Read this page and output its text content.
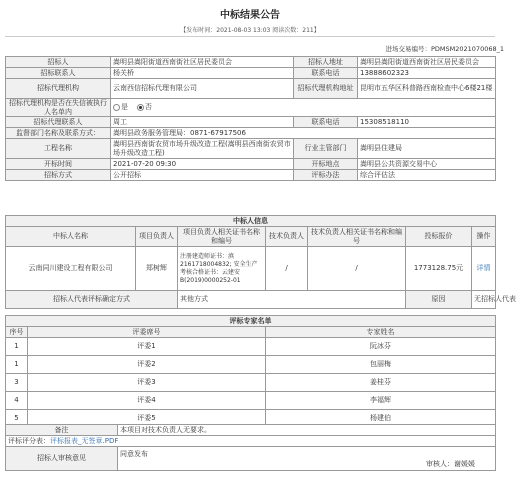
中标结果公告
【发布时间：2021-08-03 13:03 阅读次数：211】
进场交易编号：PDMSM2021070068_1
招标人	嵩明县嵩阳街道西南街社区居民委员会	招标人地址	嵩明县嵩阳街道西南街社区居民委员会
招标联系人	杨关桥	联系电话	13888602323
招标代理机构	云南西信招标代理有限公司	招标代理机构地址	昆明市五华区科普路西南检查中心6楼21楼
招标代理机构是否在失信被执行人名单内	是 否		
招标代理联系人	周工	联系电话	15308518110
监督部门名称及联系方式：	嵩明县政务服务管理局：0871-67917506		
工程名称	嵩明县西南街农贸市场升级改造工程(嵩明县西南街农贸市场升级改造工程)	行业主管部门	嵩明县住建局
开标时间	2021-07-20 09:30	开标地点	嵩明县公共资源交易中心
招标方式	公开招标	评标办法	综合评估法
中标人信息						
中标人名称	项目负责人	项目负责人相关证书名称和编号	技术负责人	技术负责人相关证书名称和编号	投标报价	操作
云南同川建设工程有限公司	郑树辉	注册建造师证书：滇2161718004832; 安全生产考核合格证书：云建安 B(2019)0000252-01	/	/	1773128.75元	详情
招标人代表评标确定方式		其他方式			原因	无招标人代表
评标专家名单		
序号	评委席号	专家姓名
1	评委1	阮冰芬
1	评委2	包丽梅
3	评委3	姜桂芬
4	评委4	李福辉
5	评委5	杨建伯
备注	本项目对技术负责人无要求。
评标评分表：评标报表_无签章.PDF	
招标人审核意见	同意发布
审核人：谢媛媛
